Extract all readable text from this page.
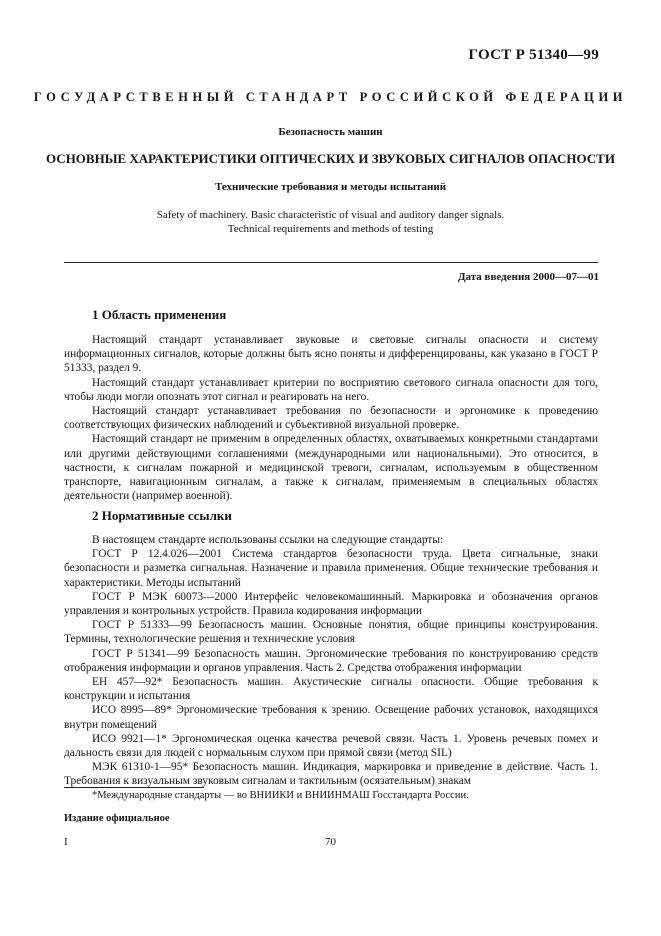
ГОСТ Р 51340—99
ГОСУДАРСТВЕННЫЙ СТАНДАРТ РОССИЙСКОЙ ФЕДЕРАЦИИ
Безопасность машин
ОСНОВНЫЕ ХАРАКТЕРИСТИКИ ОПТИЧЕСКИХ И ЗВУКОВЫХ СИГНАЛОВ ОПАСНОСТИ
Технические требования и методы испытаний
Safety of machinery. Basic characteristic of visual and auditory danger signals.
Technical requirements and methods of testing
Дата введения 2000—07—01
1 Область применения

Настоящий стандарт устанавливает звуковые и световые сигналы опасности и систему информационных сигналов, которые должны быть ясно поняты и дифференцированы, как указано в ГОСТ Р 51333, раздел 9.

Настоящий стандарт устанавливает критерии по восприятию светового сигнала опасности для того, чтобы люди могли опознать этот сигнал и реагировать на него.

Настоящий стандарт устанавливает требования по безопасности и эргономике к проведению соответствующих физических наблюдений и субъективной визуальной проверке.

Настоящий стандарт не применим в определенных областях, охватываемых конкретными стандартами или другими действующими соглашениями (международными или национальными). Это относится, в частности, к сигналам пожарной и медицинской тревоги, сигналам, используемым в общественном транспорте, навигационным сигналам, а также к сигналам, применяемым в специальных областях деятельности (например военной).

2 Нормативные ссылки

В настоящем стандарте использованы ссылки на следующие стандарты:

ГОСТ Р 12.4.026—2001 Система стандартов безопасности труда. Цвета сигнальные, знаки безопасности и разметка сигнальная. Назначение и правила применения. Общие технические требования и характеристики. Методы испытаний

ГОСТ Р МЭК 60073—2000 Интерфейс человекомашинный. Маркировка и обозначения органов управления и контрольных устройств. Правила кодирования информации

ГОСТ Р 51333—99 Безопасность машин. Основные понятия, общие принципы конструирования. Термины, технологические решения и технические условия

ГОСТ Р 51341—99 Безопасность машин. Эргономические требования по конструированию средств отображения информации и органов управления. Часть 2. Средства отображения информации

ЕН 457—92* Безопасность машин. Акустические сигналы опасности. Общие требования к конструкции и испытания

ИСО 8995—89* Эргономические требования к зрению. Освещение рабочих установок, находящихся внутри помещений

ИСО 9921—1* Эргономическая оценка качества речевой связи. Часть 1. Уровень речевых помех и дальность связи для людей с нормальным слухом при прямой связи (метод SIL)

МЭК 61310-1—95* Безопасность машин. Индикация, маркировка и приведение в действие. Часть 1. Требования к визуальным звуковым сигналам и тактильным (осязательным) знакам

*Международные стандарты — во ВНИИКИ и ВНИИНМАШ Госстандарта России.
Издание официальное
I	70
